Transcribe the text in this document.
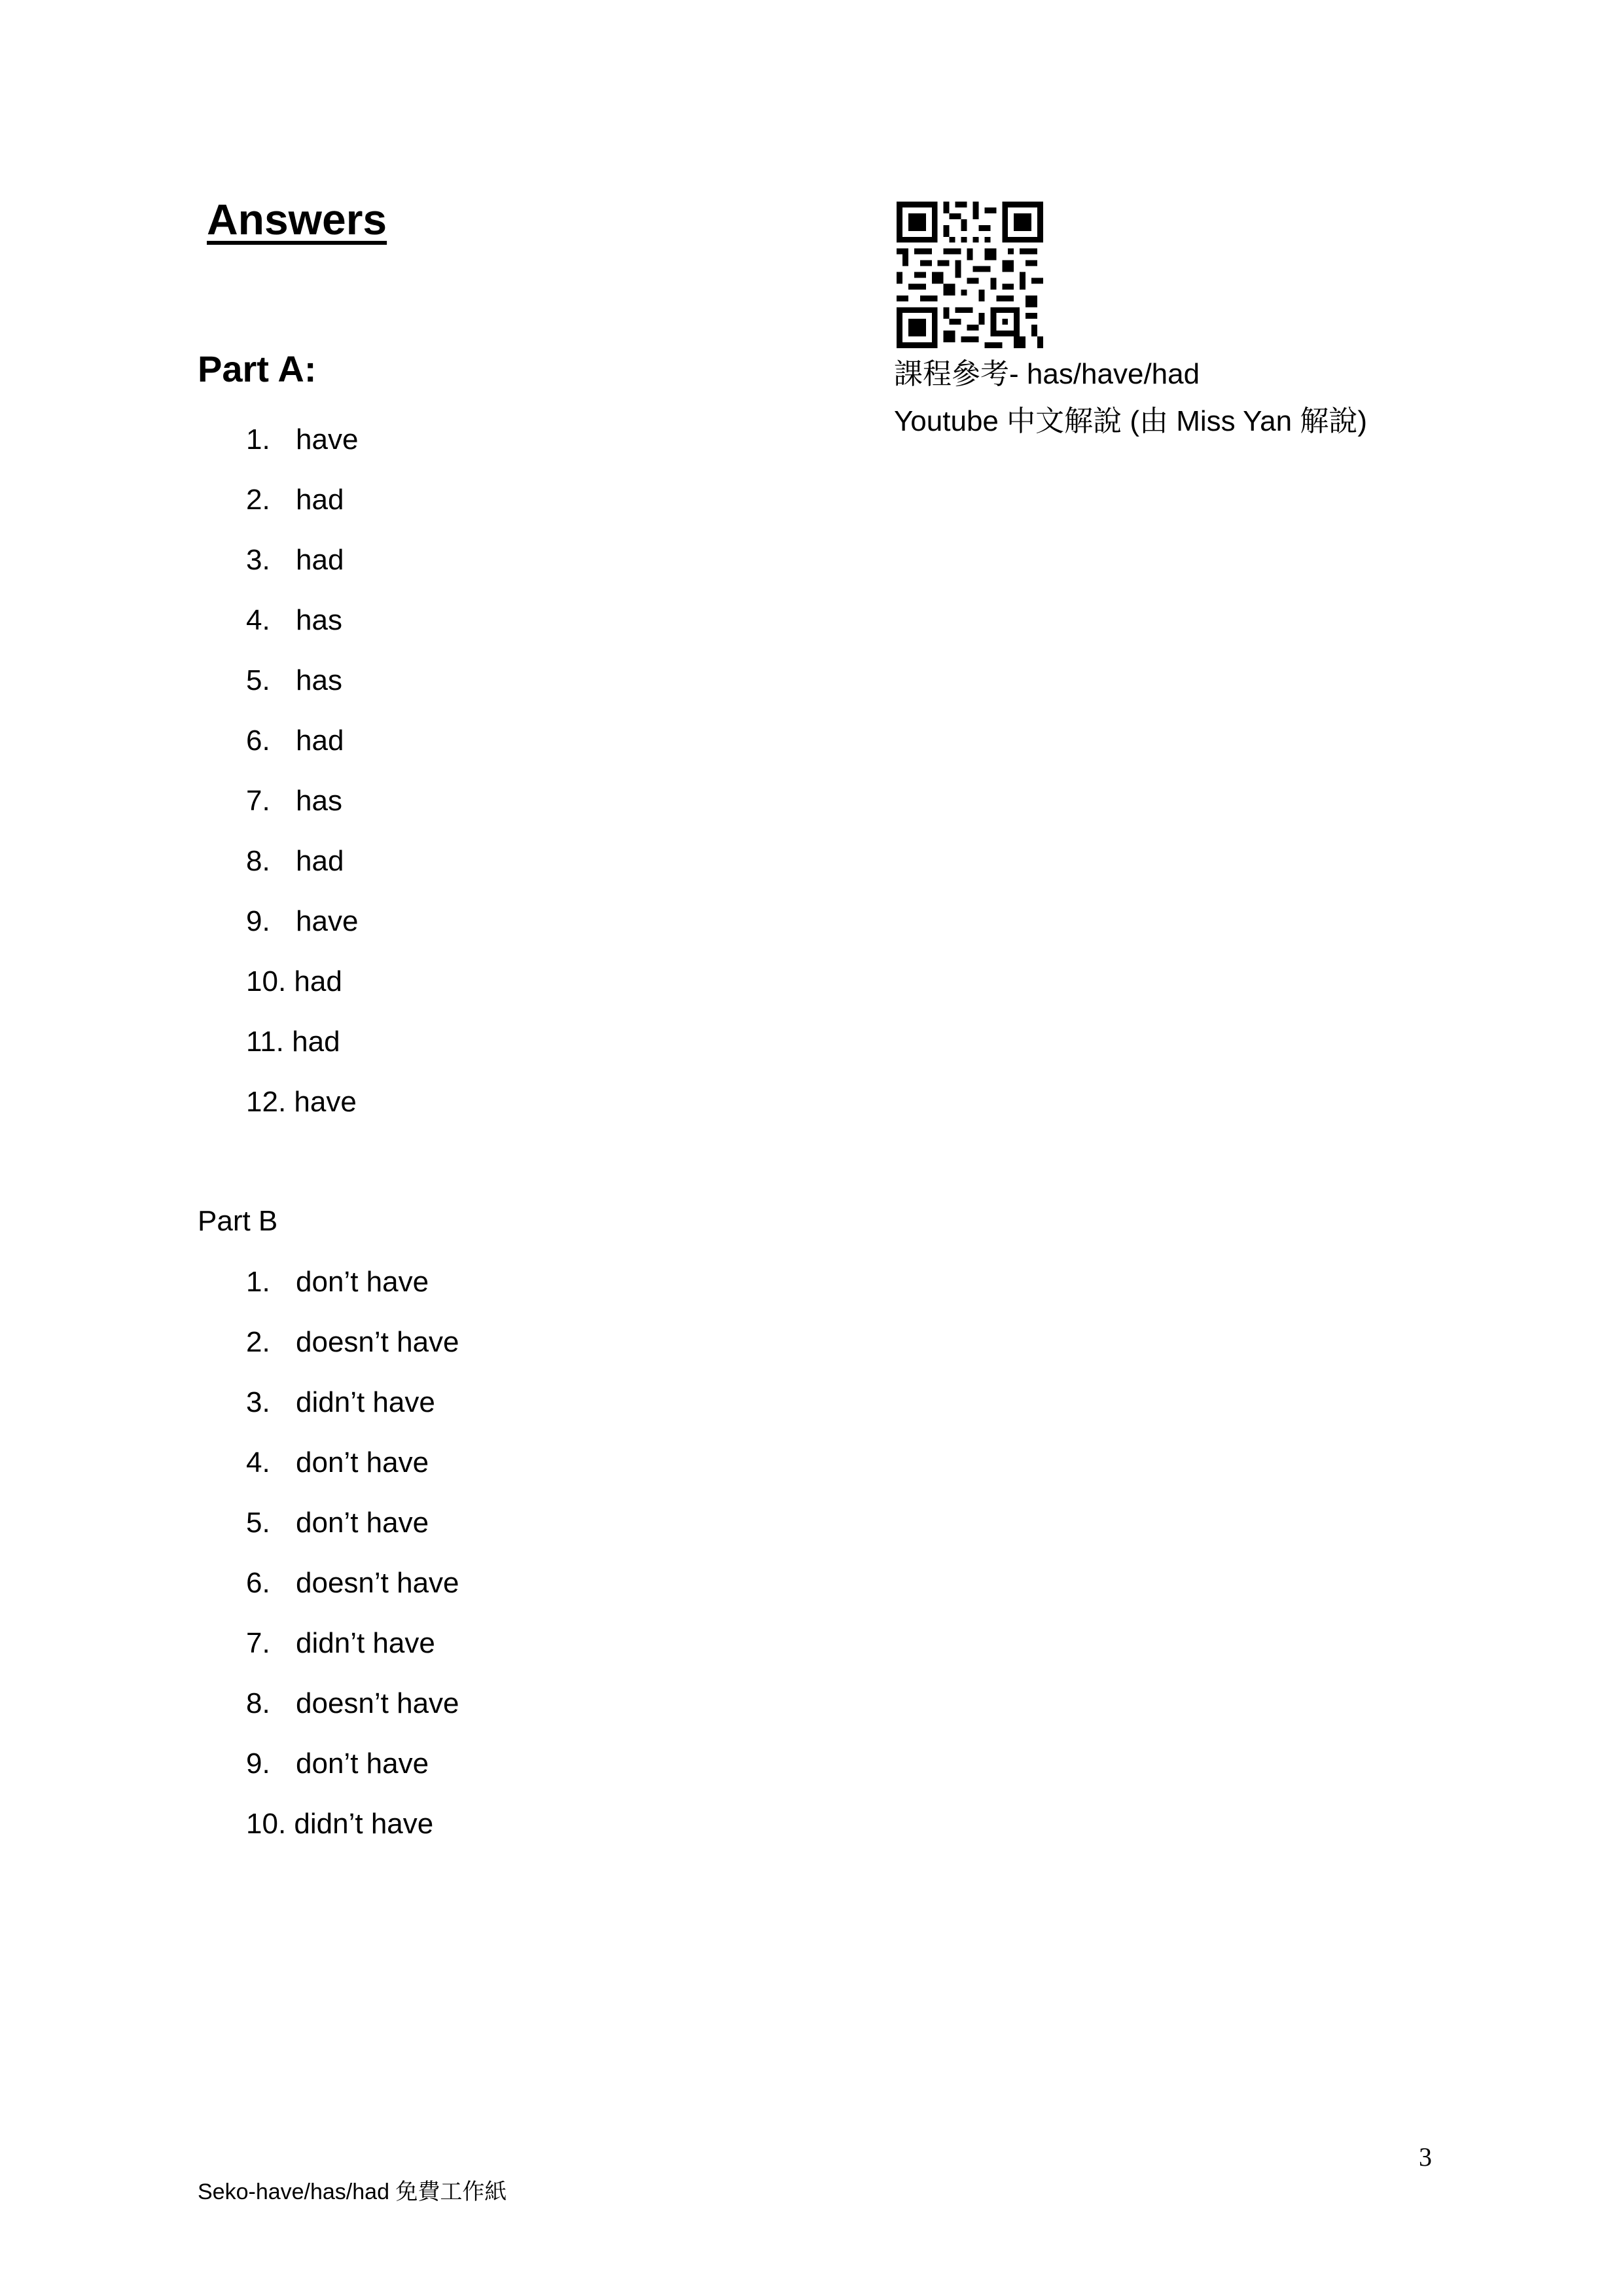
Answers
Part A:
1. have
2. had
3. had
4. has
5. has
6. had
7. has
8. had
9. have
10. had
11. had
12. have
Part B
1. don’t have
2. doesn’t have
3. didn’t have
4. don’t have
5. don’t have
6. doesn’t have
7. didn’t have
8. doesn’t have
9. don’t have
10. didn’t have
課程參考- has/have/had
Youtube 中文解說 (由 Miss Yan 解說)
3
Seko-have/has/had 免費工作紙
